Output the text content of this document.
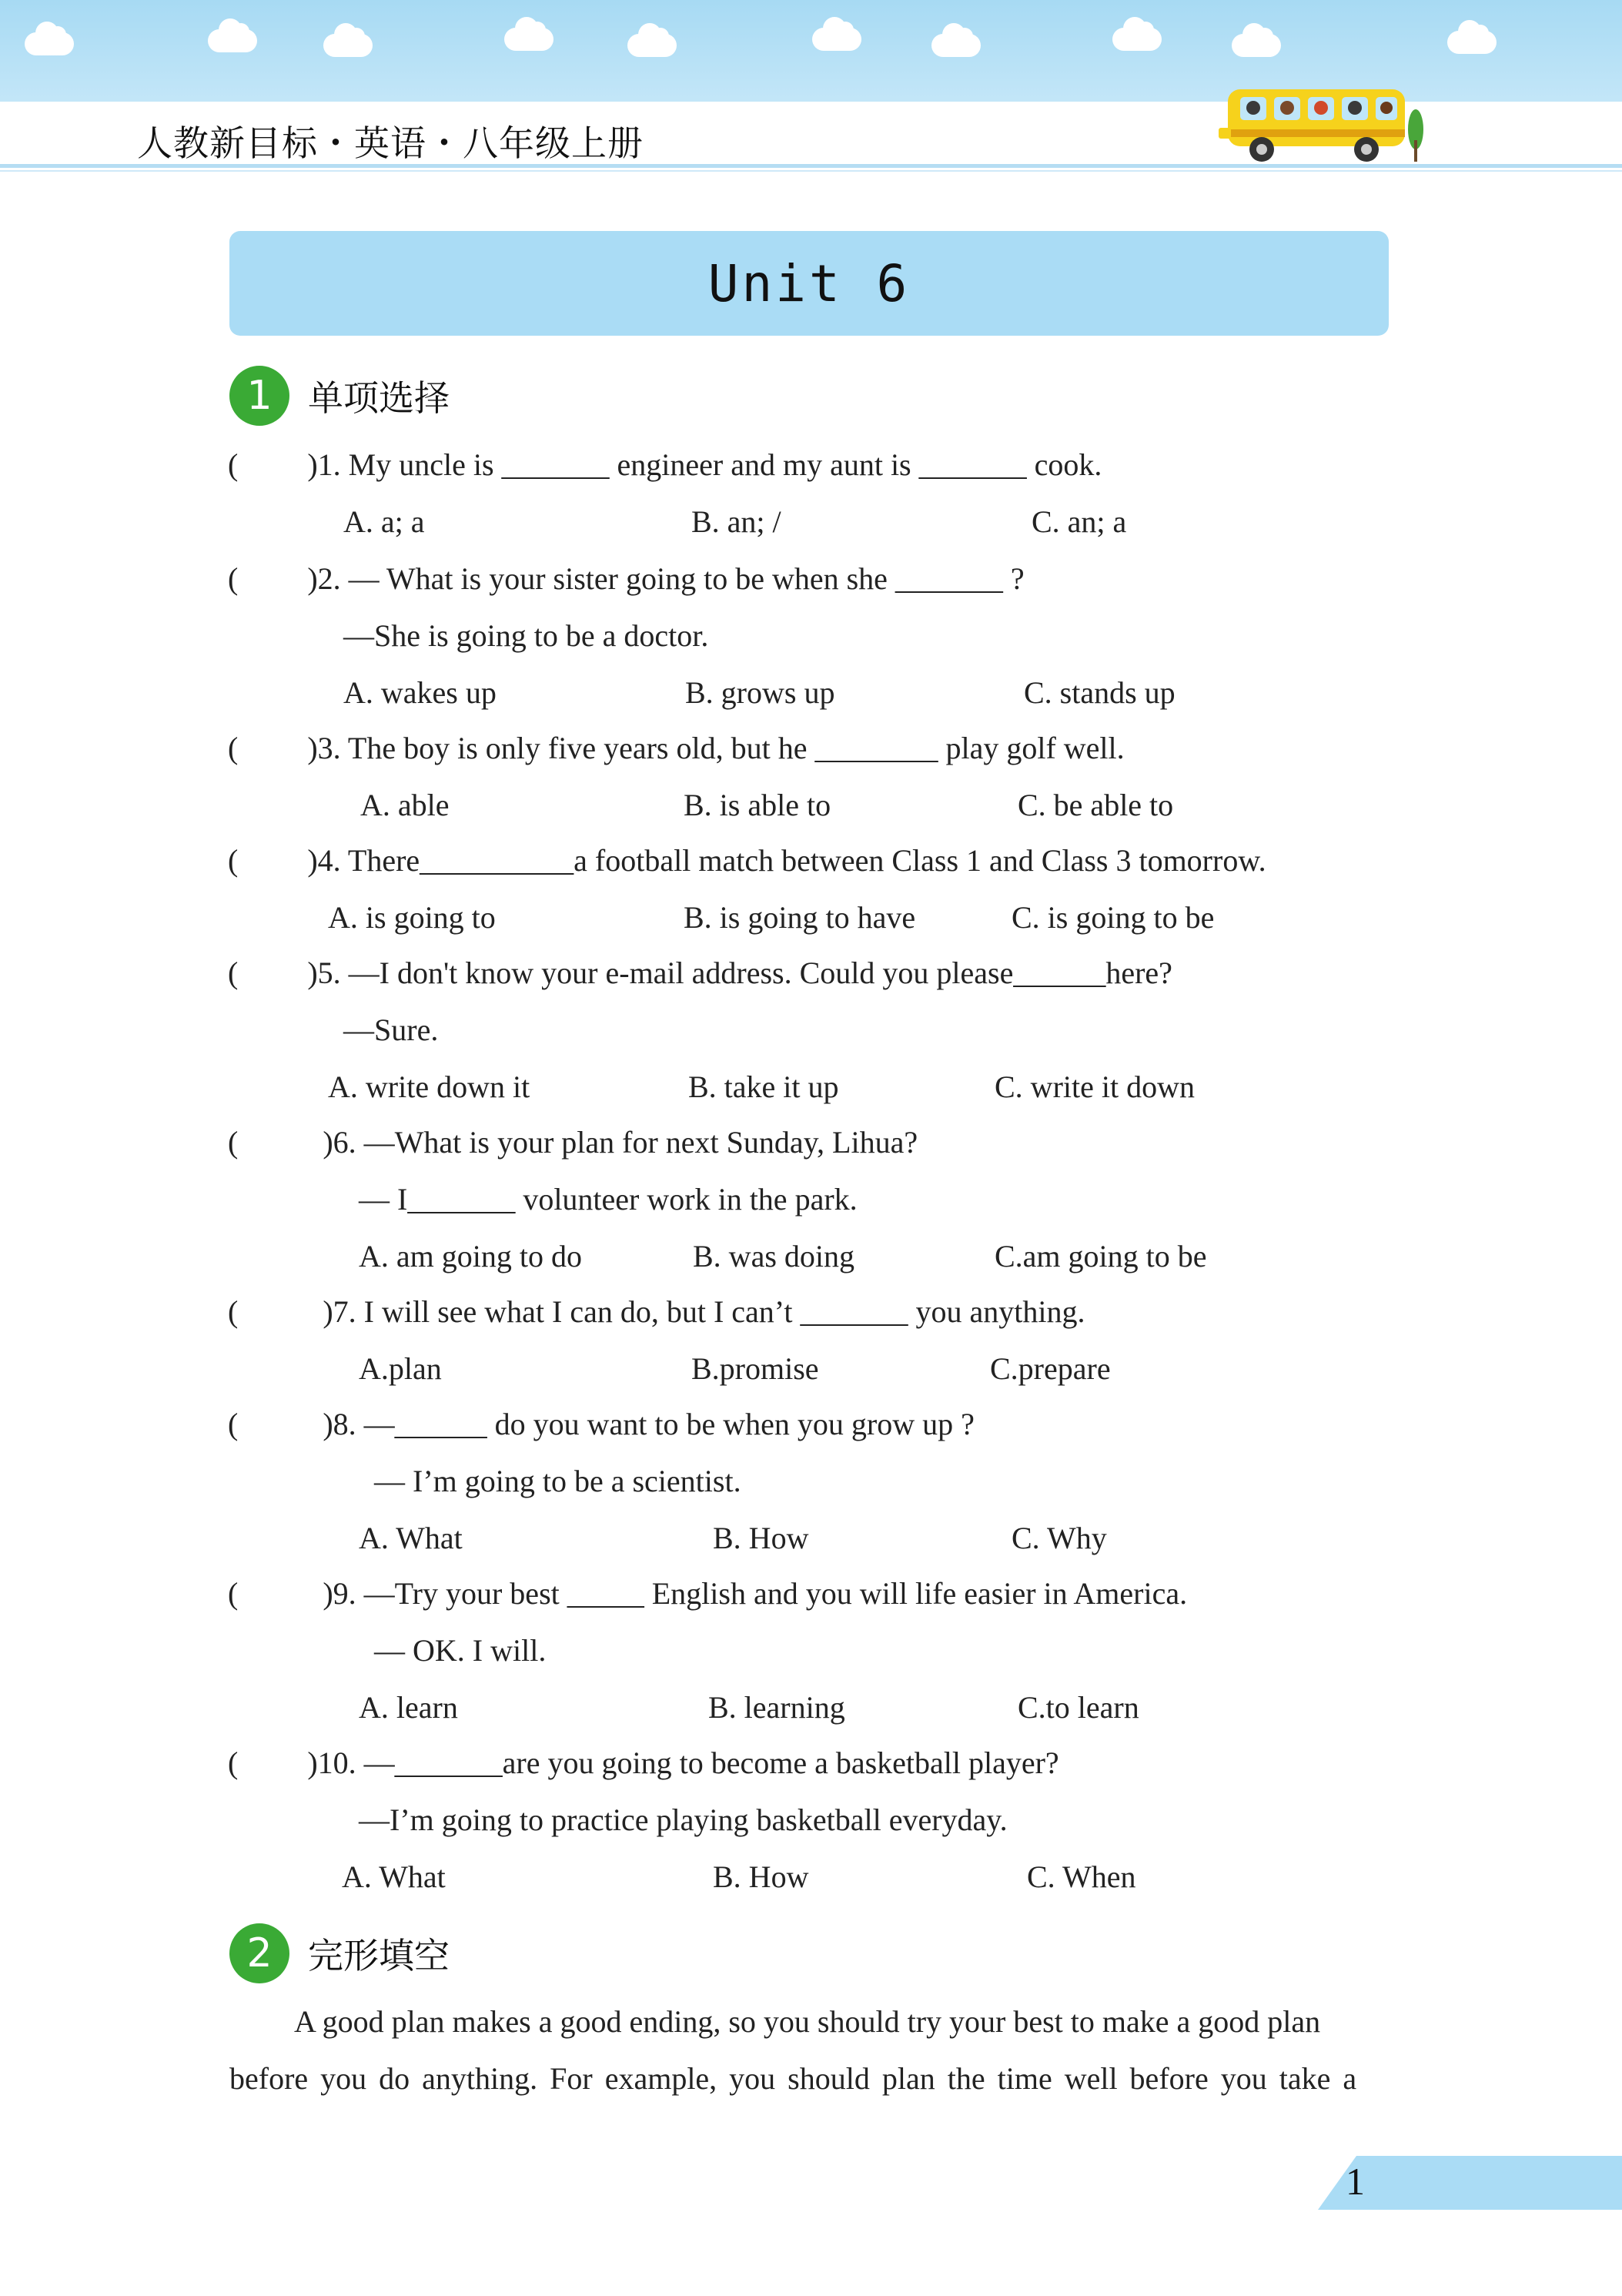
人教新目标・英语・八年级上册
Unit 6
1	单项选择
(         )1. My uncle is _______ engineer and my aunt is _______ cook.
A. a; a	B. an; /	C. an; a
(         )2. — What is your sister going to be when she _______ ?
—She is going to be a doctor.
A. wakes up	B. grows up	C. stands up
(         )3. The boy is only five years old, but he ________ play golf well.
A. able	B. is able to	C. be able to
(         )4. There__________a football match between Class 1 and Class 3 tomorrow.
A. is going to	B. is going to have	C. is going to be
(         )5. —I don't know your e-mail address. Could you please______here?
—Sure.
A. write down it	B. take it up	C. write it down
(           )6. —What is your plan for next Sunday, Lihua?
— I_______ volunteer work in the park.
A. am going to do	B. was doing	C.am going to be
(           )7. I will see what I can do, but I can’t _______ you anything.
A.plan	B.promise	C.prepare
(           )8. —______ do you want to be when you grow up ?
— I’m going to be a scientist.
A. What	B. How	C. Why
(           )9. —Try your best _____ English and you will life easier in America.
— OK. I will.
A. learn	B. learning	C.to learn
(         )10. —_______are you going to become a basketball player?
—I’m going to practice playing basketball everyday.
A. What	B. How	C. When
2	完形填空
A good plan makes a good ending, so you should try your best to make a good plan
before you do anything. For example, you should plan the time well before you take a
1
